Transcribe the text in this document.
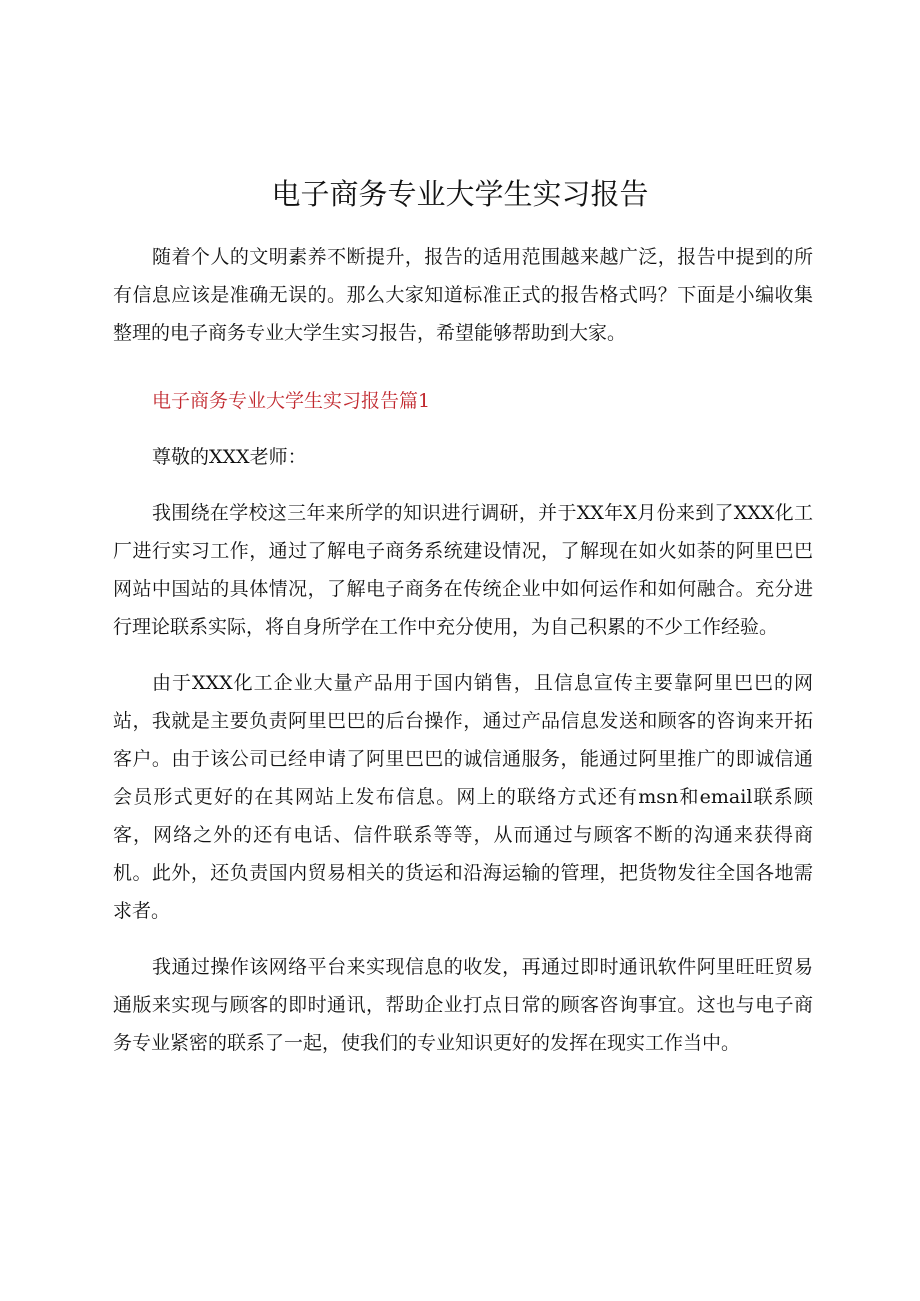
电子商务专业大学生实习报告

随着个人的文明素养不断提升，报告的适用范围越来越广泛，报告中提到的所有信息应该是准确无误的。那么大家知道标准正式的报告格式吗？下面是小编收集整理的电子商务专业大学生实习报告，希望能够帮助到大家。

电子商务专业大学生实习报告篇1

尊敬的XXX老师：

我围绕在学校这三年来所学的知识进行调研，并于XX年X月份来到了XXX化工厂进行实习工作，通过了解电子商务系统建设情况，了解现在如火如荼的阿里巴巴网站中国站的具体情况，了解电子商务在传统企业中如何运作和如何融合。充分进行理论联系实际，将自身所学在工作中充分使用，为自己积累的不少工作经验。

由于XXX化工企业大量产品用于国内销售，且信息宣传主要靠阿里巴巴的网站，我就是主要负责阿里巴巴的后台操作，通过产品信息发送和顾客的咨询来开拓客户。由于该公司已经申请了阿里巴巴的诚信通服务，能通过阿里推广的即诚信通会员形式更好的在其网站上发布信息。网上的联络方式还有msn和email联系顾客，网络之外的还有电话、信件联系等等，从而通过与顾客不断的沟通来获得商机。此外，还负责国内贸易相关的货运和沿海运输的管理，把货物发往全国各地需求者。

我通过操作该网络平台来实现信息的收发，再通过即时通讯软件阿里旺旺贸易通版来实现与顾客的即时通讯，帮助企业打点日常的顾客咨询事宜。这也与电子商务专业紧密的联系了一起，使我们的专业知识更好的发挥在现实工作当中。
